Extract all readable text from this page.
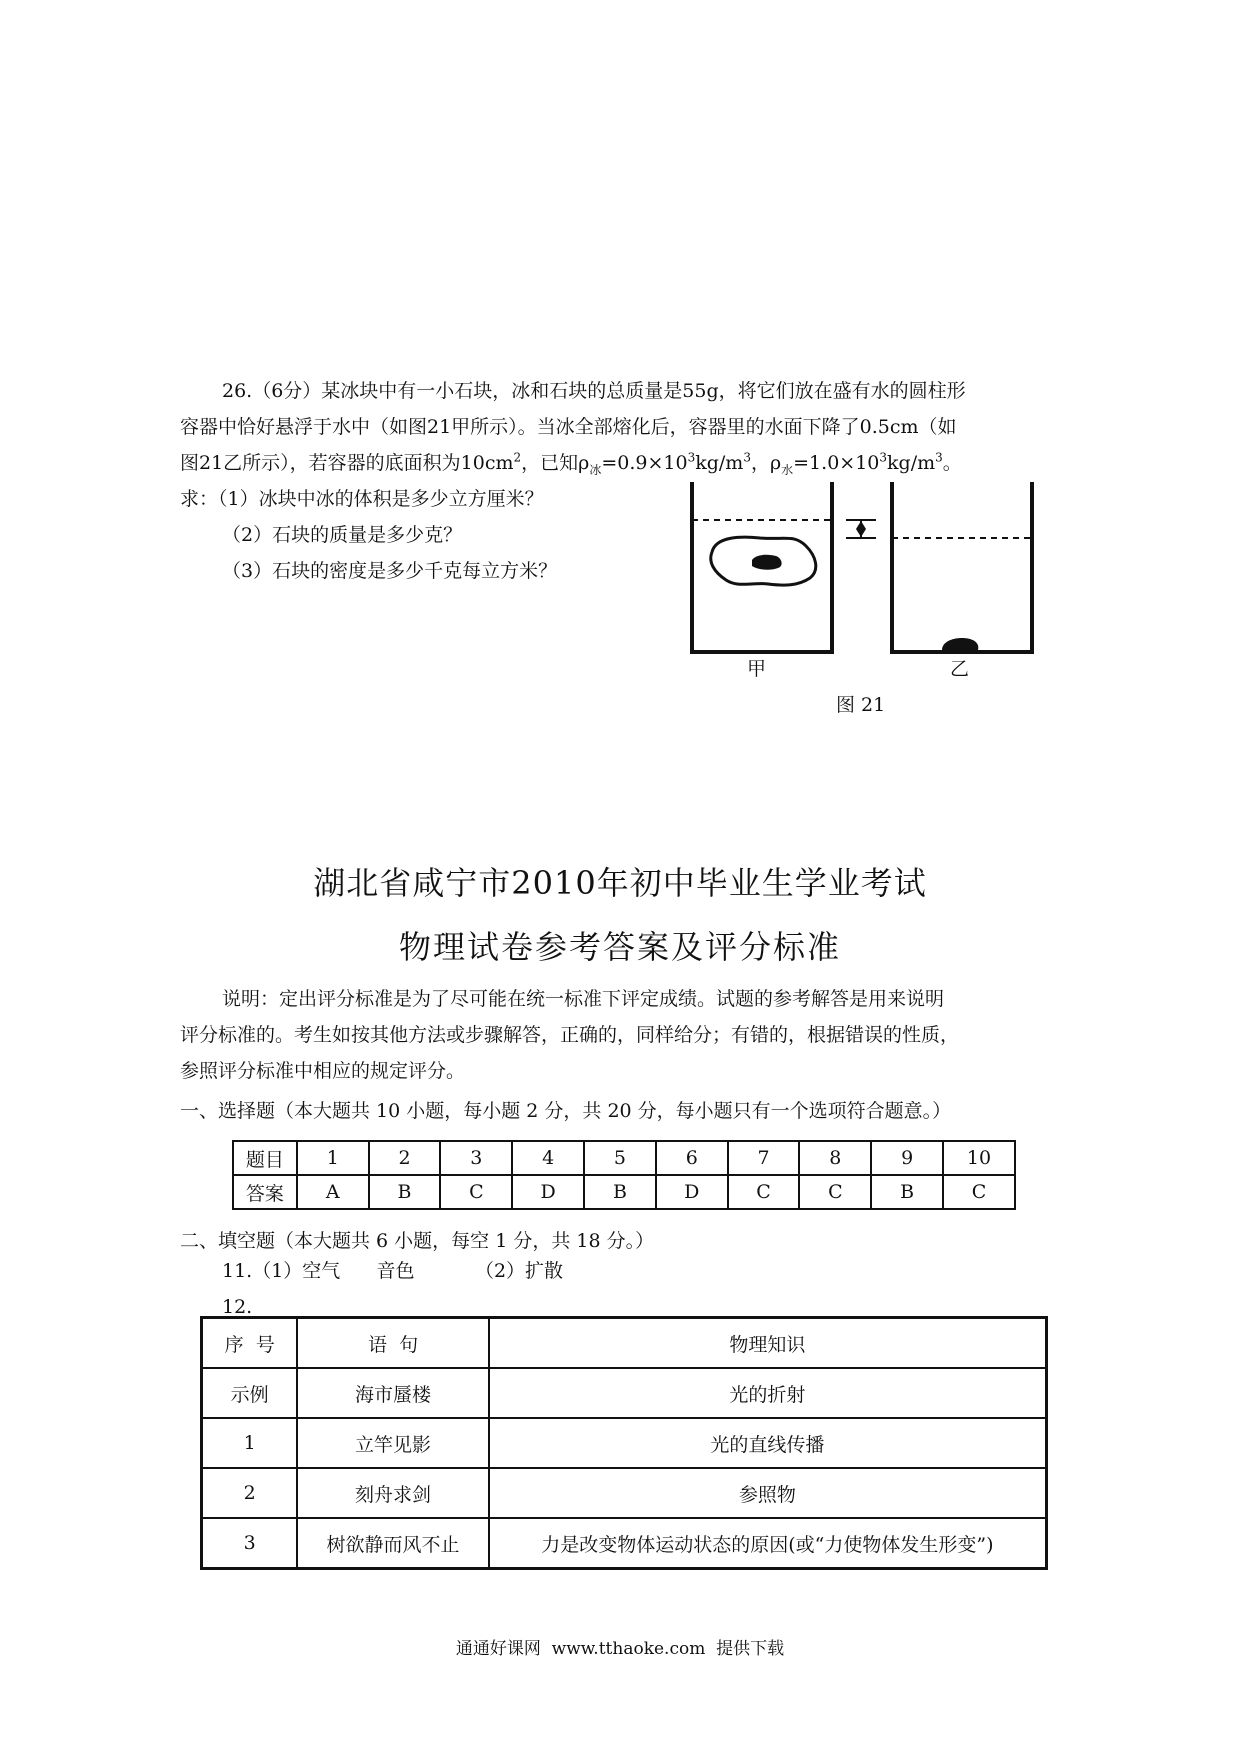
26.（6分）某冰块中有一小石块，冰和石块的总质量是55g，将它们放在盛有水的圆柱形
容器中恰好悬浮于水中（如图21甲所示）。当冰全部熔化后，容器里的水面下降了0.5cm（如
图21乙所示），若容器的底面积为$10cm^2$，已知$\rho_冰=0.9\times 10^3kg/m^3$，$\rho_水=1.0\times 10^3kg/m^3$。
求：（1）冰块中冰的体积是多少立方厘米？
（2）石块的质量是多少克？
（3）石块的密度是多少千克每立方米？
甲	乙
图 21
湖北省咸宁市2010年初中毕业生学业考试
物理试卷参考答案及评分标准
说明：定出评分标准是为了尽可能在统一标准下评定成绩。试题的参考解答是用来说明
评分标准的。考生如按其他方法或步骤解答，正确的，同样给分；有错的，根据错误的性质，
参照评分标准中相应的规定评分。
一、选择题（本大题共 10 小题，每小题 2 分，共 20 分，每小题只有一个选项符合题意。）
题目	1	2	3	4	5	6	7	8	9	10
答案	A	B	C	D	B	D	C	C	B	C
二、填空题（本大题共 6 小题，每空 1 分，共 18 分。）
11.（1）空气      音色          （2）扩散
12.
序  号	语  句	物理知识
示例	海市蜃楼	光的折射
1	立竿见影	光的直线传播
2	刻舟求剑	参照物
3	树欲静而风不止	力是改变物体运动状态的原因(或“力使物体发生形变”)
通通好课网  www.tthaoke.com  提供下载
